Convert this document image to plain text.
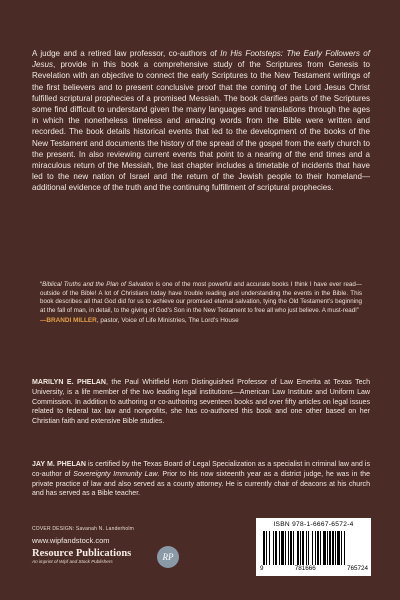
A judge and a retired law professor, co-authors of In His Footsteps: The Early Followers of Jesus, provide in this book a comprehensive study of the Scriptures from Genesis to Revelation with an objective to connect the early Scriptures to the New Testament writings of the first believers and to present conclusive proof that the coming of the Lord Jesus Christ fulfilled scriptural prophecies of a promised Messiah. The book clarifies parts of the Scriptures some find difficult to understand given the many languages and translations through the ages in which the nonetheless timeless and amazing words from the Bible were written and recorded. The book details historical events that led to the development of the books of the New Testament and documents the history of the spread of the gospel from the early church to the present. In also reviewing current events that point to a nearing of the end times and a miraculous return of the Messiah, the last chapter includes a timetable of incidents that have led to the new nation of Israel and the return of the Jewish people to their homeland—additional evidence of the truth and the continuing fulfillment of scriptural prophecies.
“Biblical Truths and the Plan of Salvation is one of the most powerful and accurate books I think I have ever read—outside of the Bible! A lot of Christians today have trouble reading and understanding the events in the Bible. This book describes all that God did for us to achieve our promised eternal salvation, tying the Old Testament’s beginning at the fall of man, in detail, to the giving of God’s Son in the New Testament to free all who just believe. A must-read!”
—BRANDI MILLER, pastor, Voice of Life Ministries, The Lord’s House
MARILYN E. PHELAN, the Paul Whitfield Horn Distinguished Professor of Law Emerita at Texas Tech University, is a life member of the two leading legal institutions—American Law Institute and Uniform Law Commission. In addition to authoring or co-authoring seventeen books and over fifty articles on legal issues related to federal tax law and nonprofits, she has co-authored this book and one other based on her Christian faith and extensive Bible studies.
JAY M. PHELAN is certified by the Texas Board of Legal Specialization as a specialist in criminal law and is co-author of Sovereignty Immunity Law. Prior to his now sixteenth year as a district judge, he was in the private practice of law and also served as a county attorney. He is currently chair of deacons at his church and has served as a Bible teacher.
COVER DESIGN: Savanah N. Landerholm
www.wipfandstock.com
Resource Publications
An imprint of Wipf and Stock Publishers	RP
ISBN 978-1-6667-6572-4
9	781666	765724
